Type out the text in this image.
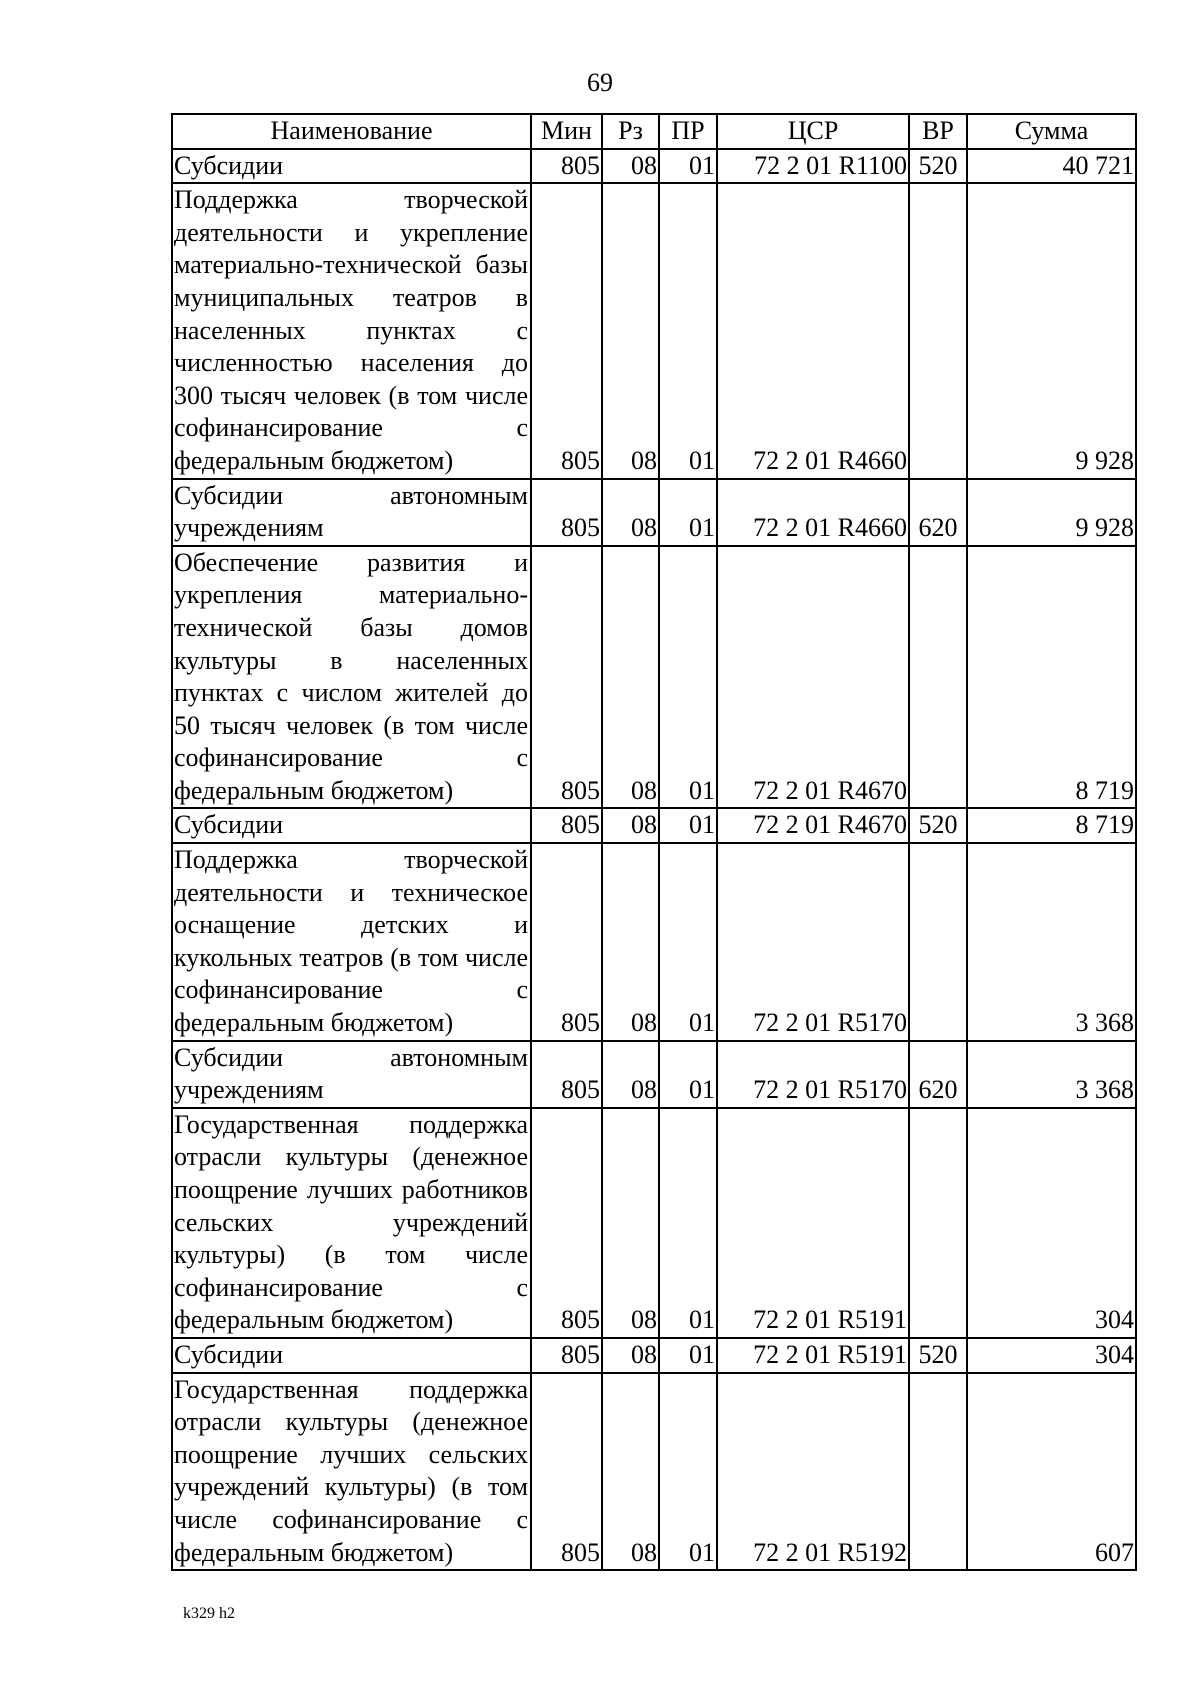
69
Наименование	Мин	Рз	ПР	ЦСР	ВР	Сумма
Субсидии	805	08	01	72 2 01 R1100	520	40 721
Поддержка творческой деятельности и укрепление материально-технической базы муниципальных театров в населенных пунктах с численностью населения до 300 тысяч человек (в том числе софинансирование с федеральным бюджетом)	805	08	01	72 2 01 R4660		9 928
Субсидии автономным учреждениям	805	08	01	72 2 01 R4660	620	9 928
Обеспечение развития и укрепления материально-технической базы домов культуры в населенных пунктах с числом жителей до 50 тысяч человек (в том числе софинансирование с федеральным бюджетом)	805	08	01	72 2 01 R4670		8 719
Субсидии	805	08	01	72 2 01 R4670	520	8 719
Поддержка творческой деятельности и техническое оснащение детских и кукольных театров (в том числе софинансирование с федеральным бюджетом)	805	08	01	72 2 01 R5170		3 368
Субсидии автономным учреждениям	805	08	01	72 2 01 R5170	620	3 368
Государственная поддержка отрасли культуры (денежное поощрение лучших работников сельских учреждений культуры) (в том числе софинансирование с федеральным бюджетом)	805	08	01	72 2 01 R5191		304
Субсидии	805	08	01	72 2 01 R5191	520	304
Государственная поддержка отрасли культуры (денежное поощрение лучших сельских учреждений культуры) (в том числе софинансирование с федеральным бюджетом)	805	08	01	72 2 01 R5192		607
k329 h2
